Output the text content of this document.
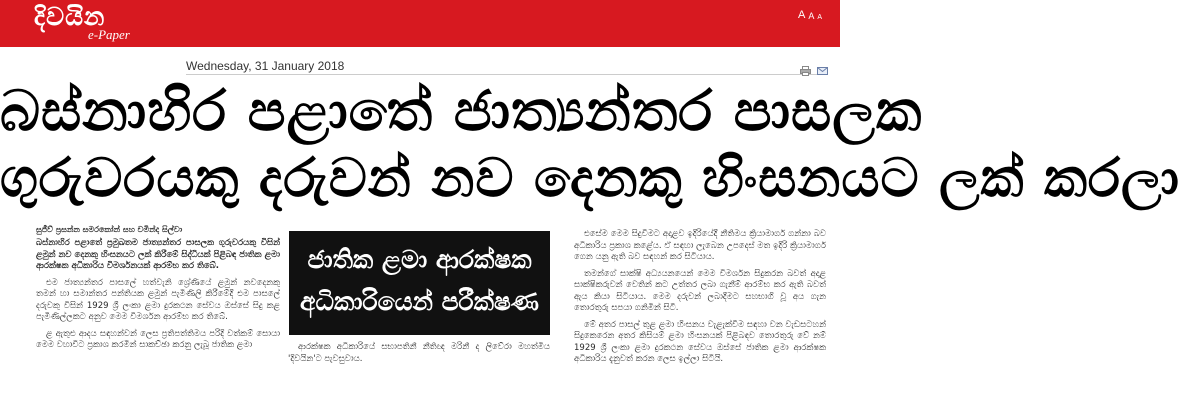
දිවයින
e-Paper
A A A
Wednesday, 31 January 2018
බස්නාහිර පළාතේ ජාත්‍යන්තර පාසලක
ගුරුවරයකු දරුවන් නව දෙනකු හිංසනයට ලක් කරලා
සුජීව් ප්‍රසන්න සමරකෝන් සහ චමින්ද සිල්වා

බස්නාහිර පළාතේ ප්‍රමුඛතම ජාත්‍යන්තර පාසලක ගුරුවරයකු විසින් ළමුන් නව දෙනකු හිංසනයට ලක් කිරීමේ සිද්ධියක් පිළිබඳ ජාතික ළමා ආරක්ෂක අධිකාරිය විමර්ශනයක් ආරම්භ කර තිබේ.

එම ජාත්‍යන්තර පාසලේ හත්වැනි ශ්‍රේණියේ ළමුන් නවදෙනකු තමන් හා සමාන්තර පන්තියක ළමුන් පැමිණිලි කිරීමේදී එම පාසලේ දරුවකු විසින් 1929 ශ්‍රී ලංකා ළමා දුරකථන සේවය ඔස්සේ සිදු කළ පැමිණිල්ලකට අනුව මෙම විමර්ශන ආරම්භ කර තිබේ.

ළ ඇතුළු ආදය සඳහන්වන් ලෙස ප්‍රතිපත්තිමය පරිදි වත්කම් සොයා මෙම වහාවිට ප්‍රකාශ කරමින් සාකච්ඡා කරනු ලැබූ ජාතික ළමා

ජාතික ළමා ආරක්ෂක
අධිකාරියෙන් පරීක්ෂණ

ආරක්ෂක අධිකාරියේ සභාපතිනී නීතිඥ මරිනී ද ලිවේරා මහත්මිය 'දිවයින'ට පැවසුවාය.

එසේම මෙම සිදුවීමට අදාළව ඉදිරියේදී නීතිමය ක්‍රියාමාර්ග ගන්නා බව අධිකාරිය ප්‍රකාශ කළේය. ඒ සඳහා ලැබෙන උපදෙස් මත ඉදිරි ක්‍රියාමාර්ග ගෙන යනු ඇති බව සඳහන් කර සිටියාය.

තමන්ගේ සාක්ෂි අධ්‍යයනයෙන් මෙම විමර්ශන සිදුකරන බවත් අදාළ සාක්ෂිකරුවන් වෙතින් කට උත්තර ලබා ගැනීම් ආරම්භ කර ඇති බවත් ඇය කියා සිටියාය. මෙම දරුවන් ලබාදීමට සහභාගි වූ අය ගැන තොරතුරු සපයා ගනිමින් සිටී.

මේ අතර පාසල් තුළ ළමා හිංසනය වැළැක්වීම සඳහා වන වැඩසටහන් සිදුකෙරෙන අතර කිසියම් ළමා හිංසනයක් පිළිබඳව තොරතුරු වේ නම් 1929 ශ්‍රී ලංකා ළමා දුරකථන සේවය ඔස්සේ ජාතික ළමා ආරක්ෂක අධිකාරිය දැනුවත් කරන ලෙස ඉල්ලා සිටියි.
